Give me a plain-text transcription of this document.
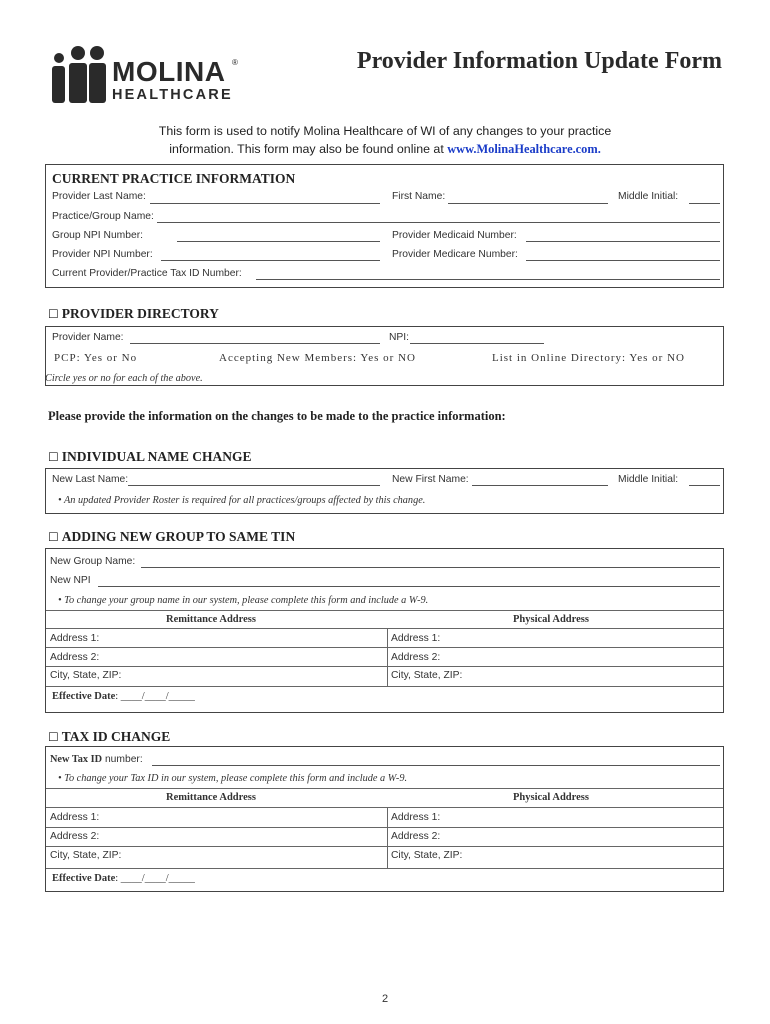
MOLINA ®
HEALTHCARE
Provider Information Update Form
This form is used to notify Molina Healthcare of WI of any changes to your practice
information. This form may also be found online at www.MolinaHealthcare.com.
CURRENT PRACTICE INFORMATION
Provider Last Name:	First Name:	Middle Initial:
Practice/Group Name:
Group NPI Number:	Provider Medicaid Number:
Provider NPI Number:	Provider Medicare Number:
Current Provider/Practice Tax ID Number:
☐ PROVIDER DIRECTORY
Provider Name:	NPI:
PCP: Yes or No	Accepting New Members: Yes or NO	List in Online Directory: Yes or NO
Circle yes or no for each of the above.
Please provide the information on the changes to be made to the practice information:
☐ INDIVIDUAL NAME CHANGE
New Last Name:	New First Name:	Middle Initial:
• An updated Provider Roster is required for all practices/groups affected by this change.
☐ ADDING NEW GROUP TO SAME TIN
New Group Name:
New NPI
• To change your group name in our system, please complete this form and include a W-9.
Remittance Address	Physical Address
Address 1:	Address 1:
Address 2:	Address 2:
City, State, ZIP:	City, State, ZIP:
Effective Date: ____/____/_____
☐ TAX ID CHANGE
New Tax ID number:
• To change your Tax ID in our system, please complete this form and include a W-9.
Remittance Address	Physical Address
Address 1:	Address 1:
Address 2:	Address 2:
City, State, ZIP:	City, State, ZIP:
Effective Date: ____/____/_____
2
